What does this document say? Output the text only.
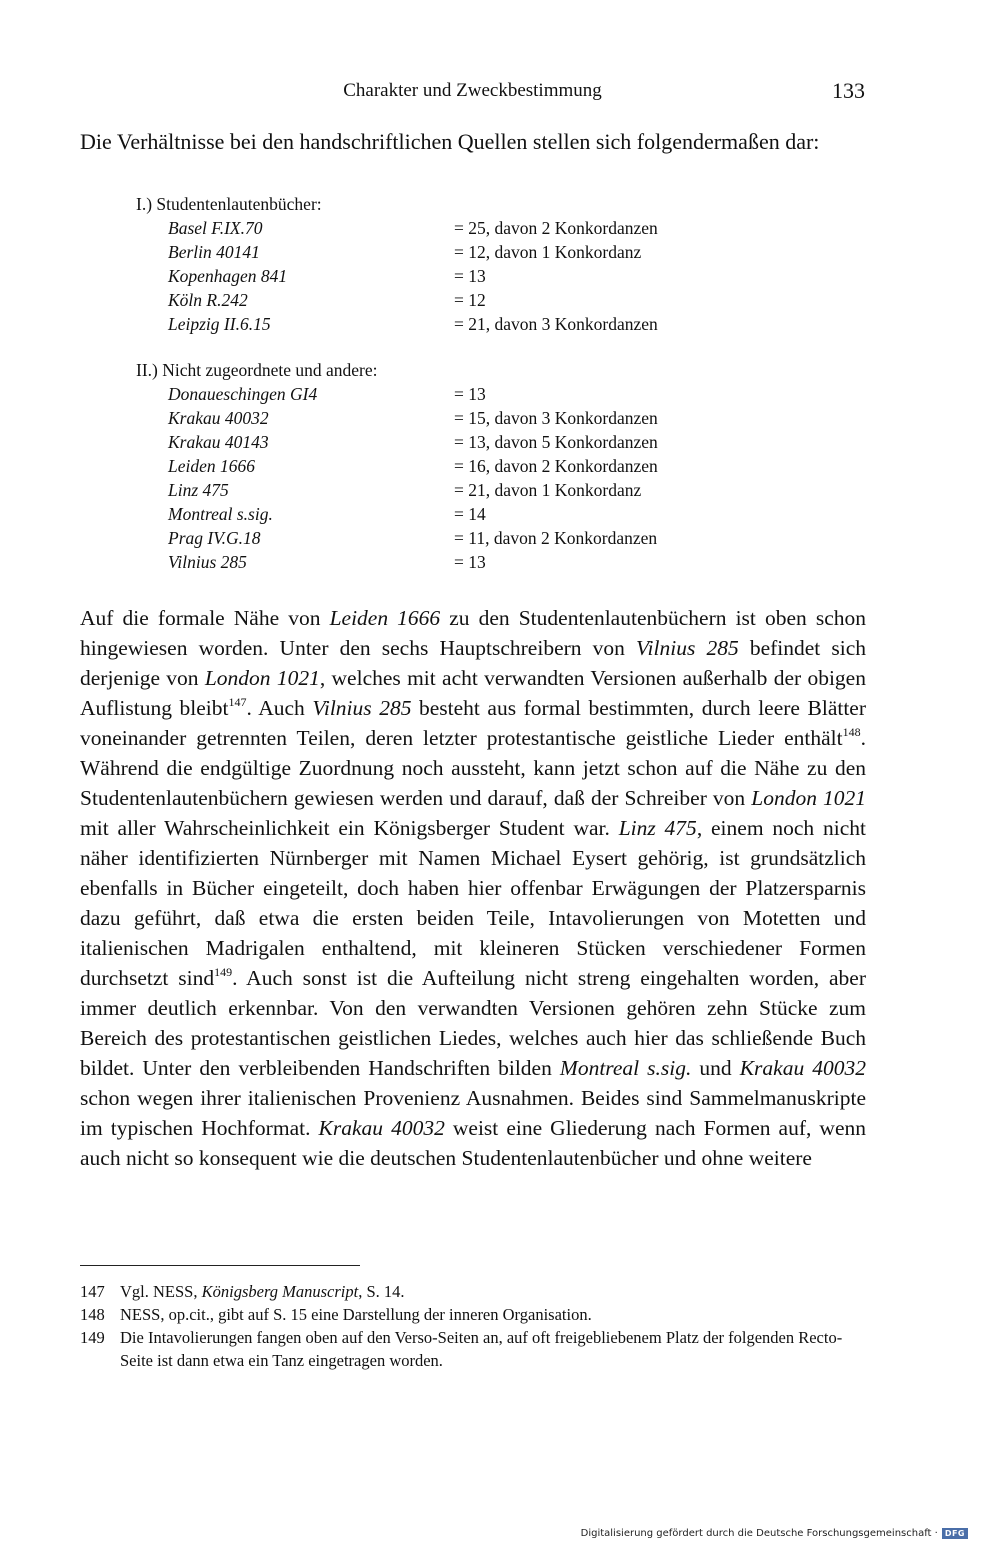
Charakter und Zweckbestimmung	133

Die Verhältnisse bei den handschriftlichen Quellen stellen sich folgendermaßen dar:

I.) Studentenlautenbücher:
Basel F.IX.70	= 25, davon 2 Konkordanzen
Berlin 40141	= 12, davon 1 Konkordanz
Kopenhagen 841	= 13
Köln R.242	= 12
Leipzig II.6.15	= 21, davon 3 Konkordanzen
II.) Nicht zugeordnete und andere:
Donaueschingen GI4	= 13
Krakau 40032	= 15, davon 3 Konkordanzen
Krakau 40143	= 13, davon 5 Konkordanzen
Leiden 1666	= 16, davon 2 Konkordanzen
Linz 475	= 21, davon 1 Konkordanz
Montreal s.sig.	= 14
Prag IV.G.18	= 11, davon 2 Konkordanzen
Vilnius 285	= 13

Auf die formale Nähe von Leiden 1666 zu den Studentenlautenbüchern ist oben schon hingewiesen worden. Unter den sechs Hauptschreibern von Vilnius 285 befindet sich derjenige von London 1021, welches mit acht verwandten Versionen außerhalb der obigen Auflistung bleibt$^{147}$. Auch Vilnius 285 besteht aus formal bestimmten, durch leere Blätter voneinander getrennten Teilen, deren letzter protestantische geistliche Lieder enthält$^{148}$. Während die endgültige Zuordnung noch aussteht, kann jetzt schon auf die Nähe zu den Studentenlautenbüchern gewiesen werden und darauf, daß der Schreiber von London 1021 mit aller Wahrscheinlichkeit ein Königsberger Student war. Linz 475, einem noch nicht näher identifizierten Nürnberger mit Namen Michael Eysert gehörig, ist grundsätzlich ebenfalls in Bücher eingeteilt, doch haben hier offenbar Erwägungen der Platzersparnis dazu geführt, daß etwa die ersten beiden Teile, Intavolierungen von Motetten und italienischen Madrigalen enthaltend, mit kleineren Stücken verschiedener Formen durchsetzt sind$^{149}$. Auch sonst ist die Aufteilung nicht streng eingehalten worden, aber immer deutlich erkennbar. Von den verwandten Versionen gehören zehn Stücke zum Bereich des protestantischen geistlichen Liedes, welches auch hier das schließende Buch bildet. Unter den verbleibenden Handschriften bilden Montreal s.sig. und Krakau 40032 schon wegen ihrer italienischen Provenienz Ausnahmen. Beides sind Sammelmanuskripte im typischen Hochformat. Krakau 40032 weist eine Gliederung nach Formen auf, wenn auch nicht so konsequent wie die deutschen Studentenlautenbücher und ohne weitere

147 Vgl. NESS, Königsberg Manuscript, S. 14.
148 NESS, op.cit., gibt auf S. 15 eine Darstellung der inneren Organisation.
149 Die Intavolierungen fangen oben auf den Verso-Seiten an, auf oft freigebliebenem Platz der folgenden Recto-Seite ist dann etwa ein Tanz eingetragen worden.
Digitalisierung gefördert durch die Deutsche Forschungsgemeinschaft · DFG
